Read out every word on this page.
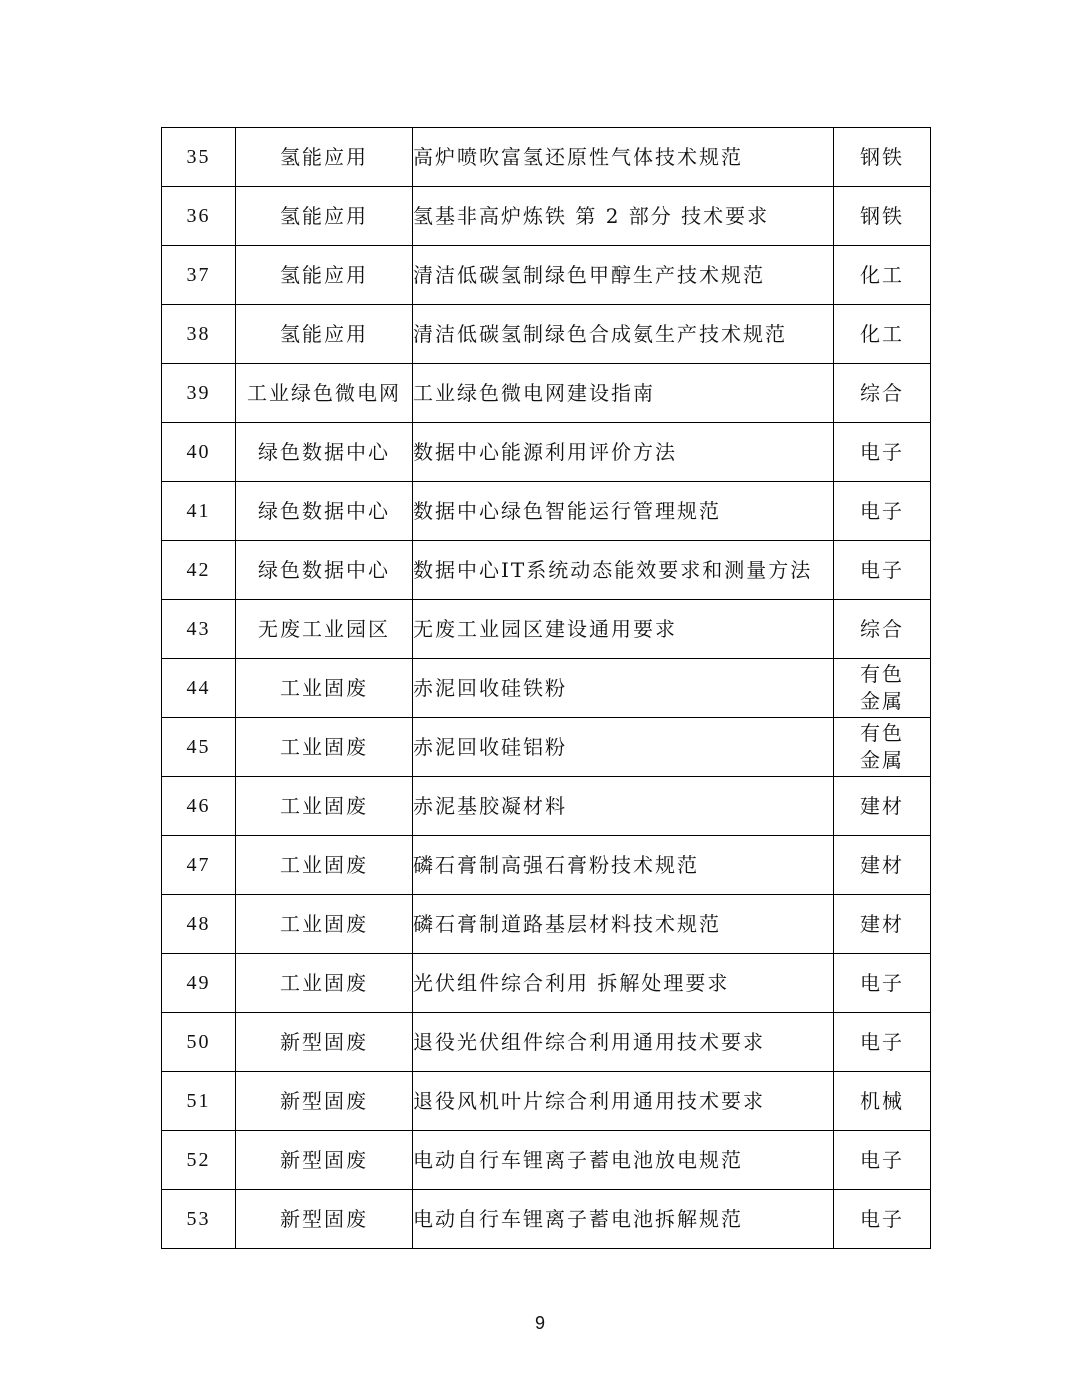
35	氢能应用	高炉喷吹富氢还原性气体技术规范	钢铁
36	氢能应用	氢基非高炉炼铁 第 2 部分 技术要求	钢铁
37	氢能应用	清洁低碳氢制绿色甲醇生产技术规范	化工
38	氢能应用	清洁低碳氢制绿色合成氨生产技术规范	化工
39	工业绿色微电网	工业绿色微电网建设指南	综合
40	绿色数据中心	数据中心能源利用评价方法	电子
41	绿色数据中心	数据中心绿色智能运行管理规范	电子
42	绿色数据中心	数据中心IT系统动态能效要求和测量方法	电子
43	无废工业园区	无废工业园区建设通用要求	综合
44	工业固废	赤泥回收硅铁粉	有色金属
45	工业固废	赤泥回收硅铝粉	有色金属
46	工业固废	赤泥基胶凝材料	建材
47	工业固废	磷石膏制高强石膏粉技术规范	建材
48	工业固废	磷石膏制道路基层材料技术规范	建材
49	工业固废	光伏组件综合利用 拆解处理要求	电子
50	新型固废	退役光伏组件综合利用通用技术要求	电子
51	新型固废	退役风机叶片综合利用通用技术要求	机械
52	新型固废	电动自行车锂离子蓄电池放电规范	电子
53	新型固废	电动自行车锂离子蓄电池拆解规范	电子
9
